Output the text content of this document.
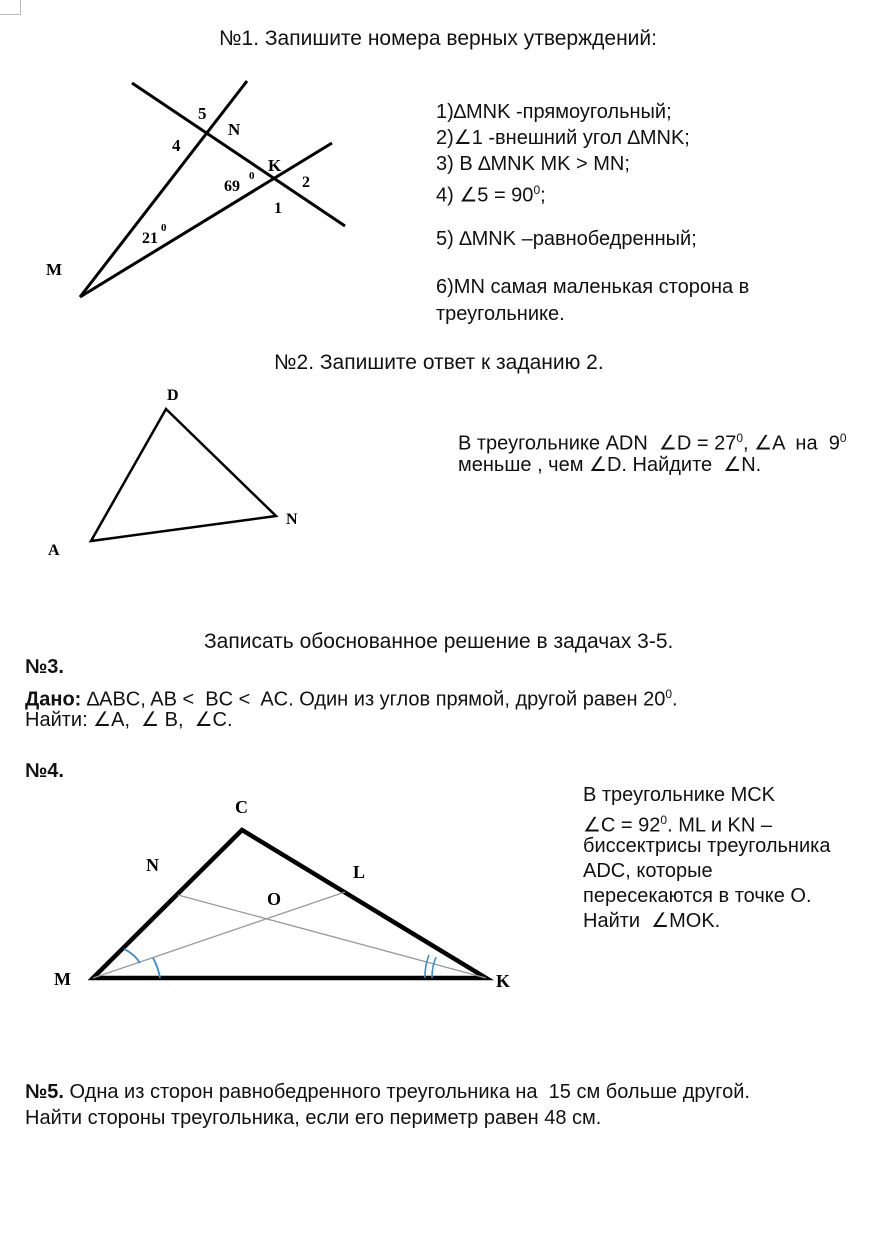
№1. Запишите номера верных утверждений:
M
N
K
5
4
2
1
69
0
21
0
1)∆MNK -прямоугольный;
2)∠1 -внешний угол ∆MNK;
3) В ∆MNK MK > MN;
4) ∠5 = $90^0$;
5) ∆MNK –равнобедренный;
6)MN самая маленькая сторона в
треугольнике.
№2. Запишите ответ к заданию 2.
D
A
N
В треугольнике ADN  ∠D = $27^0$, ∠A  на  $9^0$
меньше , чем ∠D. Найдите  ∠N.
Записать обоснованное решение в задачах 3-5.
№3.
Дано: ∆ABC, AB <  BC <  AC. Один из углов прямой, другой равен $20^0$.
Найти: ∠A,  ∠ B,  ∠C.
№4.
C
N	L
O
M	K
В треугольнике MCK
∠C = $92^0$. ML и KN –
биссектрисы треугольника
ADC, которые
пересекаются в точке O.
Найти  ∠MOK.
№5. Одна из сторон равнобедренного треугольника на  15 см больше другой.
Найти стороны треугольника, если его периметр равен 48 см.
